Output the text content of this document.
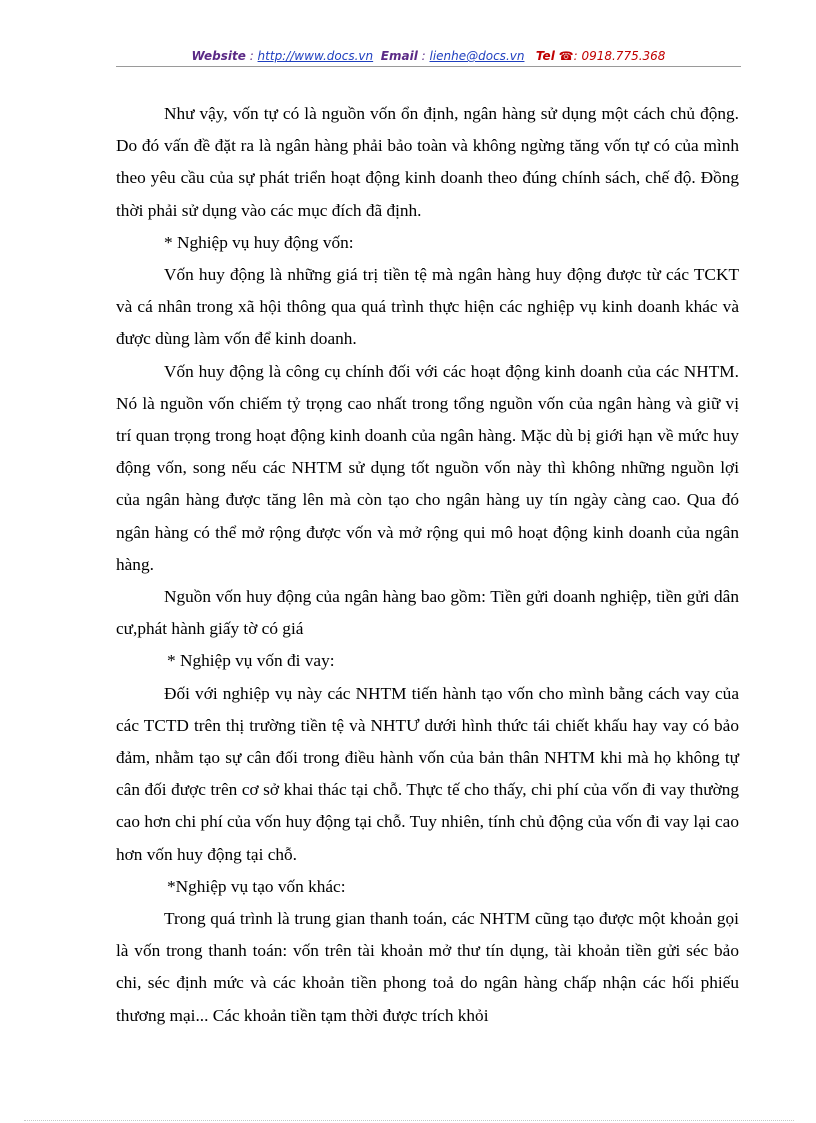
Website : http://www.docs.vn Email : lienhe@docs.vn Tel ☎: 0918.775.368

Như vậy, vốn tự có là nguồn vốn ổn định, ngân hàng sử dụng một cách chủ động. Do đó vấn đề đặt ra là ngân hàng phải bảo toàn và không ngừng tăng vốn tự có của mình theo yêu cầu của sự phát triển hoạt động kinh doanh theo đúng chính sách, chế độ. Đồng thời phải sử dụng vào các mục đích đã định.

* Nghiệp vụ huy động vốn:

Vốn huy động là những giá trị tiền tệ mà ngân hàng huy động được từ các TCKT và cá nhân trong xã hội thông qua quá trình thực hiện các nghiệp vụ kinh doanh khác và được dùng làm vốn để kinh doanh.

Vốn huy động là công cụ chính đối với các hoạt động kinh doanh của các NHTM. Nó là nguồn vốn chiếm tỷ trọng cao nhất trong tổng nguồn vốn của ngân hàng và giữ vị trí quan trọng trong hoạt động kinh doanh của ngân hàng. Mặc dù bị giới hạn về mức huy động vốn, song nếu các NHTM sử dụng tốt nguồn vốn này thì không những nguồn lợi của ngân hàng được tăng lên mà còn tạo cho ngân hàng uy tín ngày càng cao. Qua đó ngân hàng có thể mở rộng được vốn và mở rộng qui mô hoạt động kinh doanh của ngân hàng.

Nguồn vốn huy động của ngân hàng bao gồm: Tiền gửi doanh nghiệp, tiền gửi dân cư,phát hành giấy tờ có giá

* Nghiệp vụ vốn đi vay:

Đối với nghiệp vụ này các NHTM tiến hành tạo vốn cho mình bằng cách vay của các TCTD trên thị trường tiền tệ và NHTƯ dưới hình thức tái chiết khấu hay vay có bảo đảm, nhằm tạo sự cân đối trong điều hành vốn của bản thân NHTM khi mà họ không tự cân đối được trên cơ sở khai thác tại chỗ. Thực tế cho thấy, chi phí của vốn đi vay thường cao hơn chi phí của vốn huy động tại chỗ. Tuy nhiên, tính chủ động của vốn đi vay lại cao hơn vốn huy động tại chỗ.

*Nghiệp vụ tạo vốn khác:

Trong quá trình là trung gian thanh toán, các NHTM cũng tạo được một khoản gọi là vốn trong thanh toán: vốn trên tài khoản mở thư tín dụng, tài khoản tiền gửi séc bảo chi, séc định mức và các khoản tiền phong toả do ngân hàng chấp nhận các hối phiếu thương mại... Các khoản tiền tạm thời được trích khỏi
